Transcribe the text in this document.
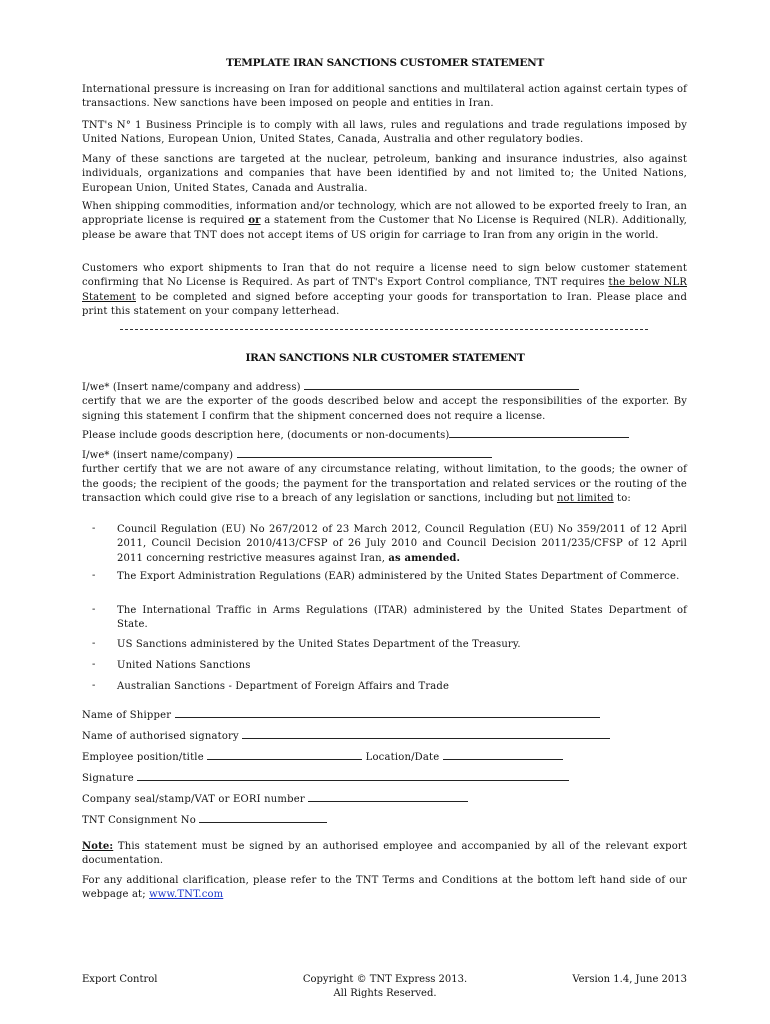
TEMPLATE IRAN SANCTIONS CUSTOMER STATEMENT
International pressure is increasing on Iran for additional sanctions and multilateral action against certain types of transactions. New sanctions have been imposed on people and entities in Iran.
TNT's N° 1 Business Principle is to comply with all laws, rules and regulations and trade regulations imposed by United Nations, European Union, United States, Canada, Australia and other regulatory bodies.
Many of these sanctions are targeted at the nuclear, petroleum, banking and insurance industries, also against individuals, organizations and companies that have been identified by and not limited to; the United Nations, European Union, United States, Canada and Australia.
When shipping commodities, information and/or technology, which are not allowed to be exported freely to Iran, an appropriate license is required or a statement from the Customer that No License is Required (NLR). Additionally, please be aware that TNT does not accept items of US origin for carriage to Iran from any origin in the world.
Customers who export shipments to Iran that do not require a license need to sign below customer statement confirming that No License is Required. As part of TNT's Export Control compliance, TNT requires the below NLR Statement to be completed and signed before accepting your goods for transportation to Iran. Please place and print this statement on your company letterhead.
IRAN SANCTIONS NLR CUSTOMER STATEMENT
I/we* (Insert name/company and address)
certify that we are the exporter of the goods described below and accept the responsibilities of the exporter. By signing this statement I confirm that the shipment concerned does not require a license.
Please include goods description here, (documents or non-documents)
I/we* (insert name/company)
further certify that we are not aware of any circumstance relating, without limitation, to the goods; the owner of the goods; the recipient of the goods; the payment for the transportation and related services or the routing of the transaction which could give rise to a breach of any legislation or sanctions, including but not limited to:
- Council Regulation (EU) No 267/2012 of 23 March 2012, Council Regulation (EU) No 359/2011 of 12 April 2011, Council Decision 2010/413/CFSP of 26 July 2010 and Council Decision 2011/235/CFSP of 12 April 2011 concerning restrictive measures against Iran, as amended.
- The Export Administration Regulations (EAR) administered by the United States Department of Commerce.
- The International Traffic in Arms Regulations (ITAR) administered by the United States Department of State.
- US Sanctions administered by the United States Department of the Treasury.
- United Nations Sanctions
- Australian Sanctions - Department of Foreign Affairs and Trade
Name of Shipper
Name of authorised signatory
Employee position/title	Location/Date
Signature
Company seal/stamp/VAT or EORI number
TNT Consignment No
Note: This statement must be signed by an authorised employee and accompanied by all of the relevant export documentation.
For any additional clarification, please refer to the TNT Terms and Conditions at the bottom left hand side of our webpage at; www.TNT.com
Export Control	Copyright © TNT Express 2013.
All Rights Reserved.
Version 1.4, June 2013
